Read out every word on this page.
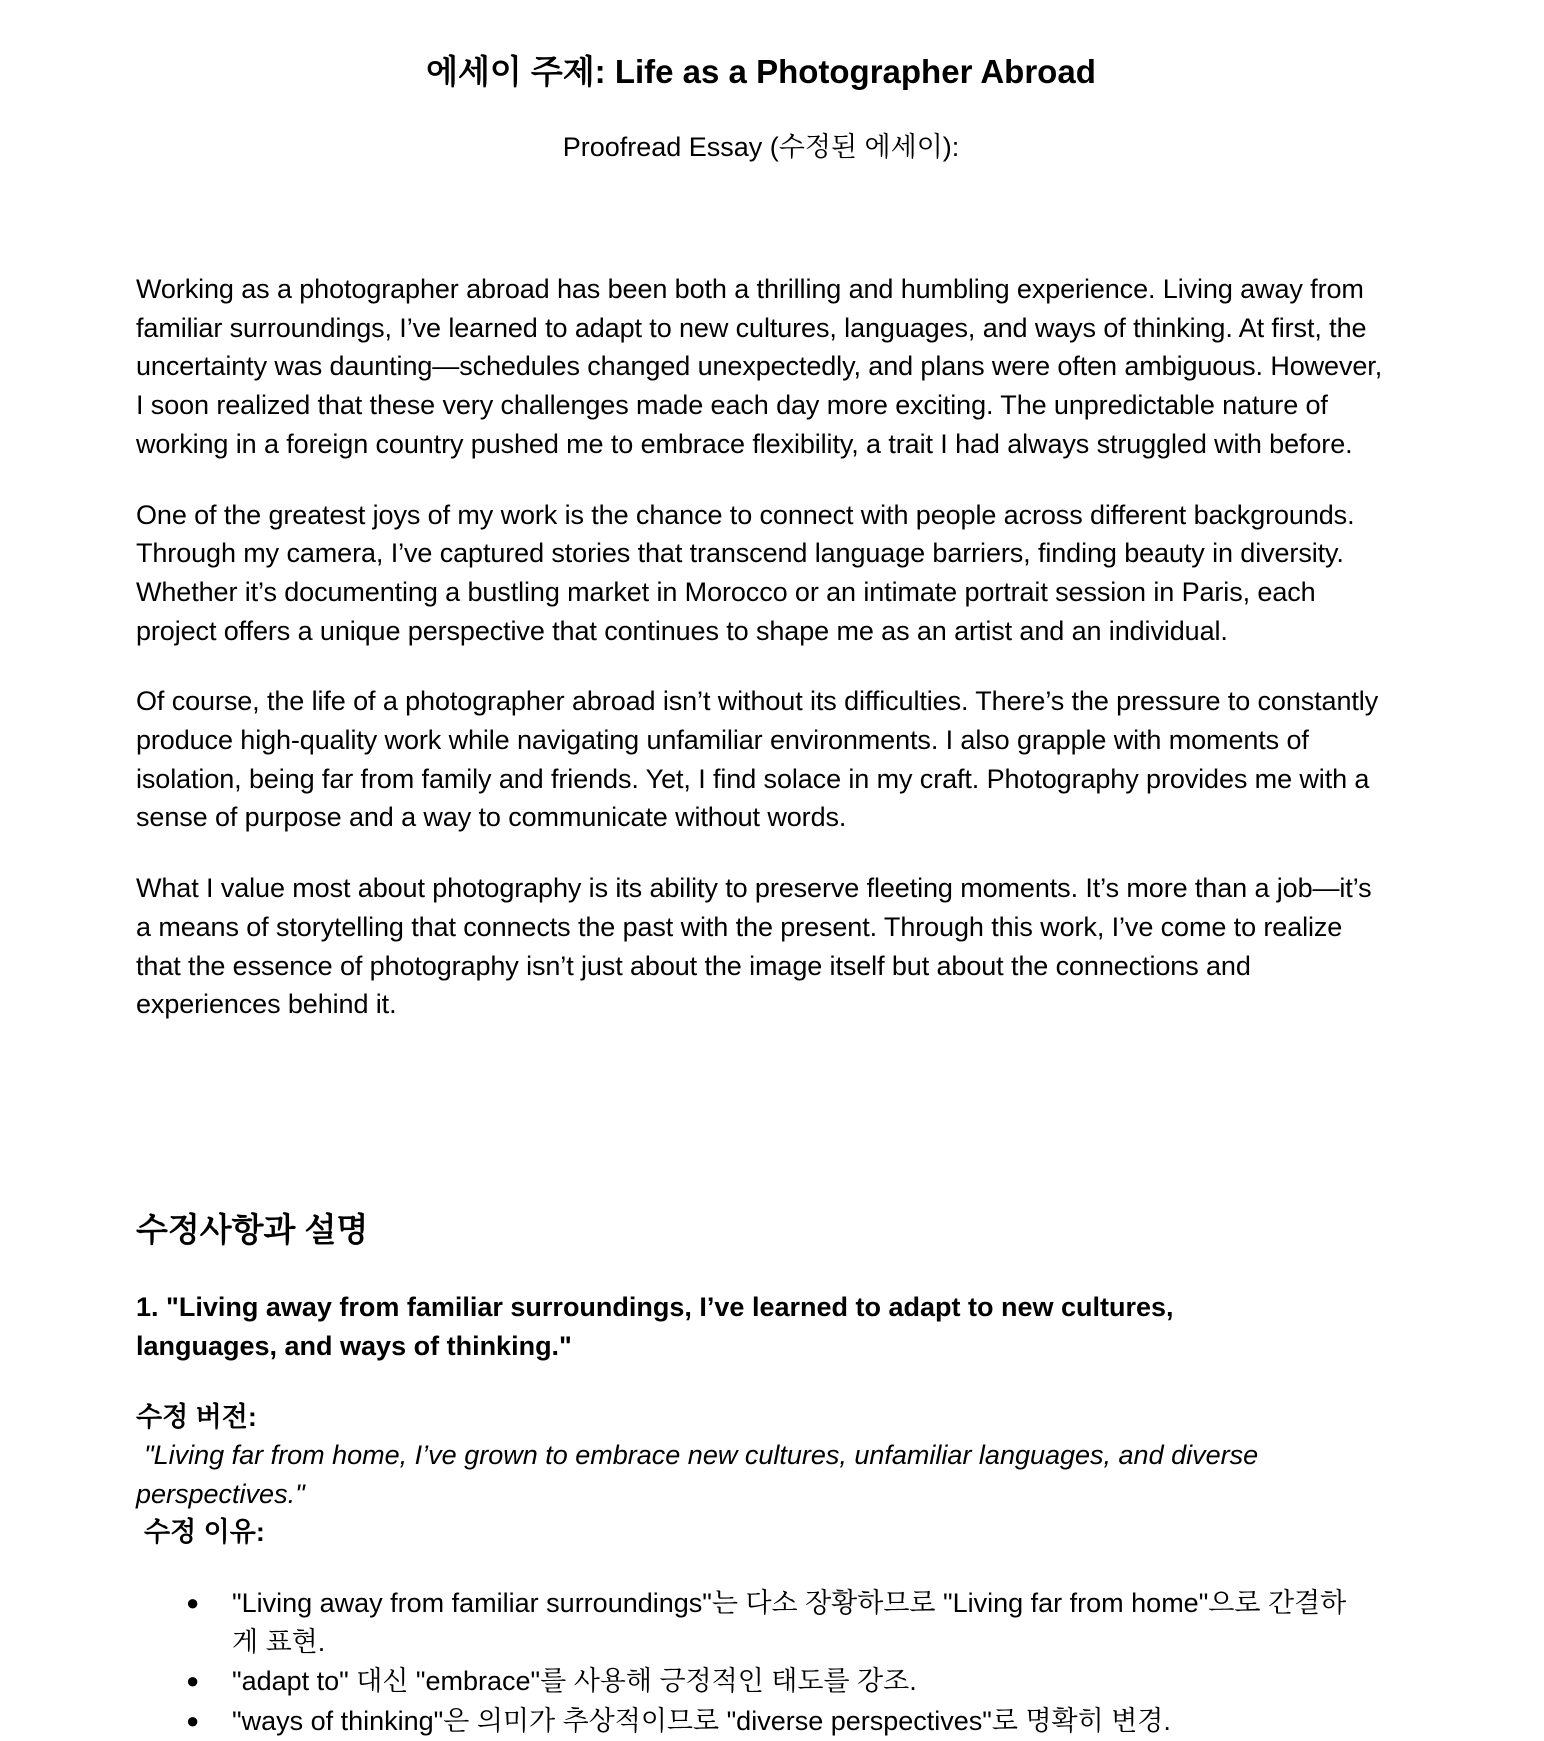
에세이 주제: Life as a Photographer Abroad
Proofread Essay (수정된 에세이):

Working as a photographer abroad has been both a thrilling and humbling experience. Living away from familiar surroundings, I’ve learned to adapt to new cultures, languages, and ways of thinking. At first, the uncertainty was daunting—schedules changed unexpectedly, and plans were often ambiguous. However, I soon realized that these very challenges made each day more exciting. The unpredictable nature of working in a foreign country pushed me to embrace flexibility, a trait I had always struggled with before.

One of the greatest joys of my work is the chance to connect with people across different backgrounds. Through my camera, I’ve captured stories that transcend language barriers, finding beauty in diversity. Whether it’s documenting a bustling market in Morocco or an intimate portrait session in Paris, each project offers a unique perspective that continues to shape me as an artist and an individual.

Of course, the life of a photographer abroad isn’t without its difficulties. There’s the pressure to constantly produce high-quality work while navigating unfamiliar environments. I also grapple with moments of isolation, being far from family and friends. Yet, I find solace in my craft. Photography provides me with a sense of purpose and a way to communicate without words.

What I value most about photography is its ability to preserve fleeting moments. It’s more than a job—it’s a means of storytelling that connects the past with the present. Through this work, I’ve come to realize that the essence of photography isn’t just about the image itself but about the connections and experiences behind it.

수정사항과 설명
1. "Living away from familiar surroundings, I’ve learned to adapt to new cultures, languages, and ways of thinking."
수정 버전:
"Living far from home, I’ve grown to embrace new cultures, unfamiliar languages, and diverse perspectives."
수정 이유:
● "Living away from familiar surroundings"는 다소 장황하므로 "Living far from home"으로 간결하게 표현.
● "adapt to" 대신 "embrace"를 사용해 긍정적인 태도를 강조.
● "ways of thinking"은 의미가 추상적이므로 "diverse perspectives"로 명확히 변경.
